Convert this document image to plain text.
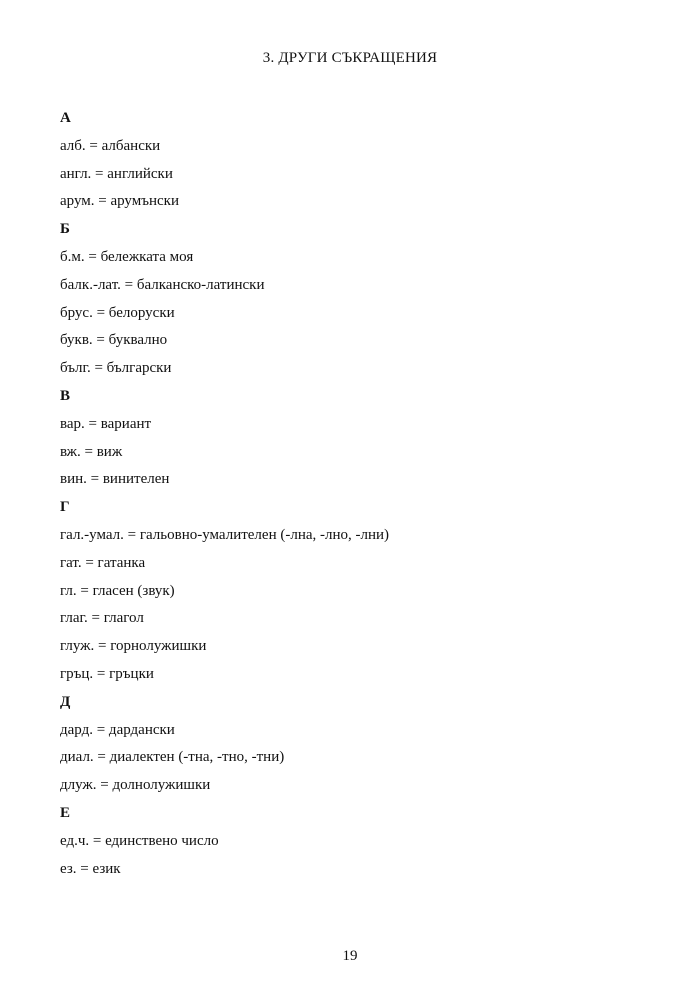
3. ДРУГИ СЪКРАЩЕНИЯ
А
алб. = албански
англ. = английски
арум. = арумънски
Б
б.м. = бележката моя
балк.-лат. = балканско-латински
брус. = белоруски
букв. = буквално
бълг. = български
В
вар. = вариант
вж. = виж
вин. = винителен
Г
гал.-умал. = гальовно-умалителен (-лна, -лно, -лни)
гат. = гатанка
гл. = гласен (звук)
глаг. = глагол
глуж. = горнолужишки
гръц. = гръцки
Д
дард. = дардански
диал. = диалектен (-тна, -тно, -тни)
длуж. = долнолужишки
Е
ед.ч. = единствено число
ез. = език
19
